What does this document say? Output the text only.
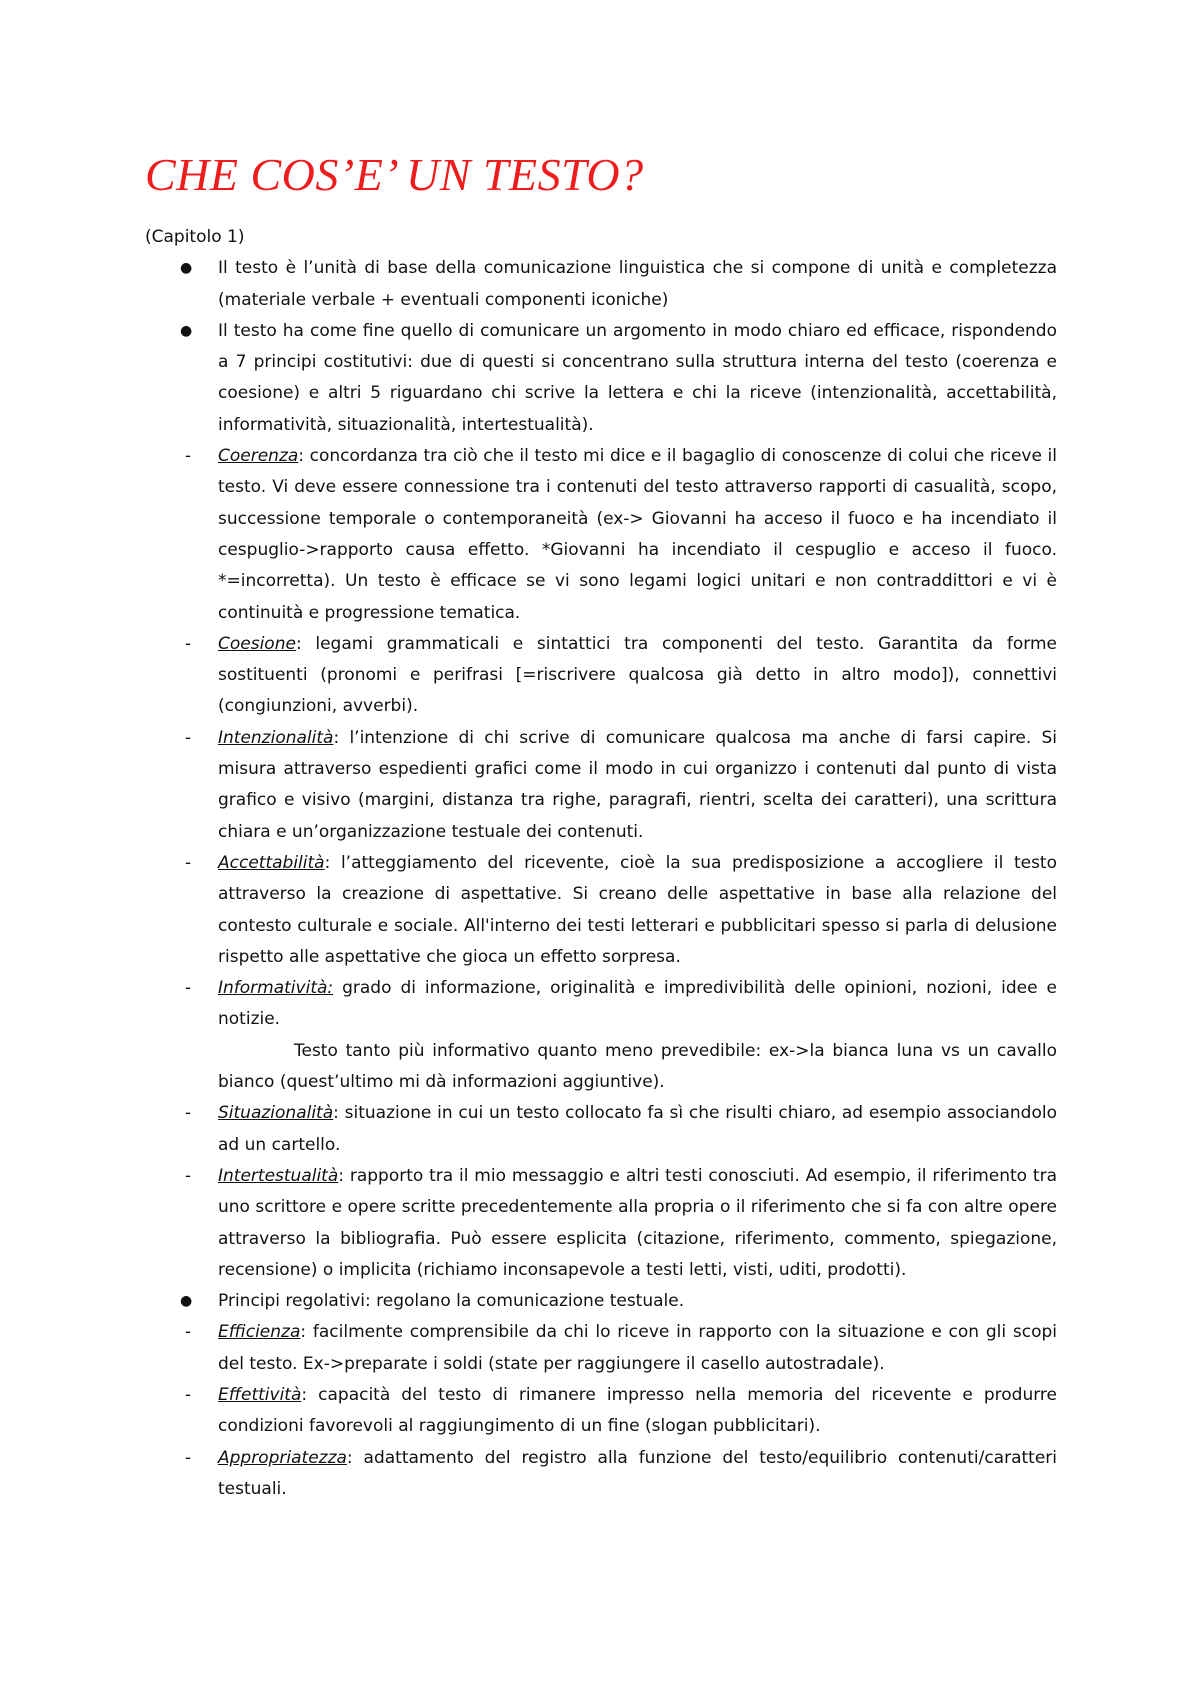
CHE COS’E’ UN TESTO?

(Capitolo 1)

● Il testo è l’unità di base della comunicazione linguistica che si compone di unità e completezza (materiale verbale + eventuali componenti iconiche)

● Il testo ha come fine quello di comunicare un argomento in modo chiaro ed efficace, rispondendo a 7 principi costitutivi: due di questi si concentrano sulla struttura interna del testo (coerenza e coesione) e altri 5 riguardano chi scrive la lettera e chi la riceve (intenzionalità, accettabilità, informatività, situazionalità, intertestualità).

- Coerenza: concordanza tra ciò che il testo mi dice e il bagaglio di conoscenze di colui che riceve il testo. Vi deve essere connessione tra i contenuti del testo attraverso rapporti di casualità, scopo, successione temporale o contemporaneità (ex-> Giovanni ha acceso il fuoco e ha incendiato il cespuglio->rapporto causa effetto. *Giovanni ha incendiato il cespuglio e acceso il fuoco. *=incorretta). Un testo è efficace se vi sono legami logici unitari e non contraddittori e vi è continuità e progressione tematica.

- Coesione: legami grammaticali e sintattici tra componenti del testo. Garantita da forme sostituenti (pronomi e perifrasi [=riscrivere qualcosa già detto in altro modo]), connettivi (congiunzioni, avverbi).

- Intenzionalità: l’intenzione di chi scrive di comunicare qualcosa ma anche di farsi capire. Si misura attraverso espedienti grafici come il modo in cui organizzo i contenuti dal punto di vista grafico e visivo (margini, distanza tra righe, paragrafi, rientri, scelta dei caratteri), una scrittura chiara e un’organizzazione testuale dei contenuti.

- Accettabilità: l’atteggiamento del ricevente, cioè la sua predisposizione a accogliere il testo attraverso la creazione di aspettative. Si creano delle aspettative in base alla relazione del contesto culturale e sociale. All'interno dei testi letterari e pubblicitari spesso si parla di delusione rispetto alle aspettative che gioca un effetto sorpresa.

- Informatività: grado di informazione, originalità e impredivibilità delle opinioni, nozioni, idee e notizie.

Testo tanto più informativo quanto meno prevedibile: ex->la bianca luna vs un cavallo bianco (quest’ultimo mi dà informazioni aggiuntive).

- Situazionalità: situazione in cui un testo collocato fa sì che risulti chiaro, ad esempio associandolo ad un cartello.

- Intertestualità: rapporto tra il mio messaggio e altri testi conosciuti. Ad esempio, il riferimento tra uno scrittore e opere scritte precedentemente alla propria o il riferimento che si fa con altre opere attraverso la bibliografia. Può essere esplicita (citazione, riferimento, commento, spiegazione, recensione) o implicita (richiamo inconsapevole a testi letti, visti, uditi, prodotti).

● Principi regolativi: regolano la comunicazione testuale.

- Efficienza: facilmente comprensibile da chi lo riceve in rapporto con la situazione e con gli scopi del testo. Ex->preparate i soldi (state per raggiungere il casello autostradale).

- Effettività: capacità del testo di rimanere impresso nella memoria del ricevente e produrre condizioni favorevoli al raggiungimento di un fine (slogan pubblicitari).

- Appropriatezza: adattamento del registro alla funzione del testo/equilibrio contenuti/caratteri testuali.
